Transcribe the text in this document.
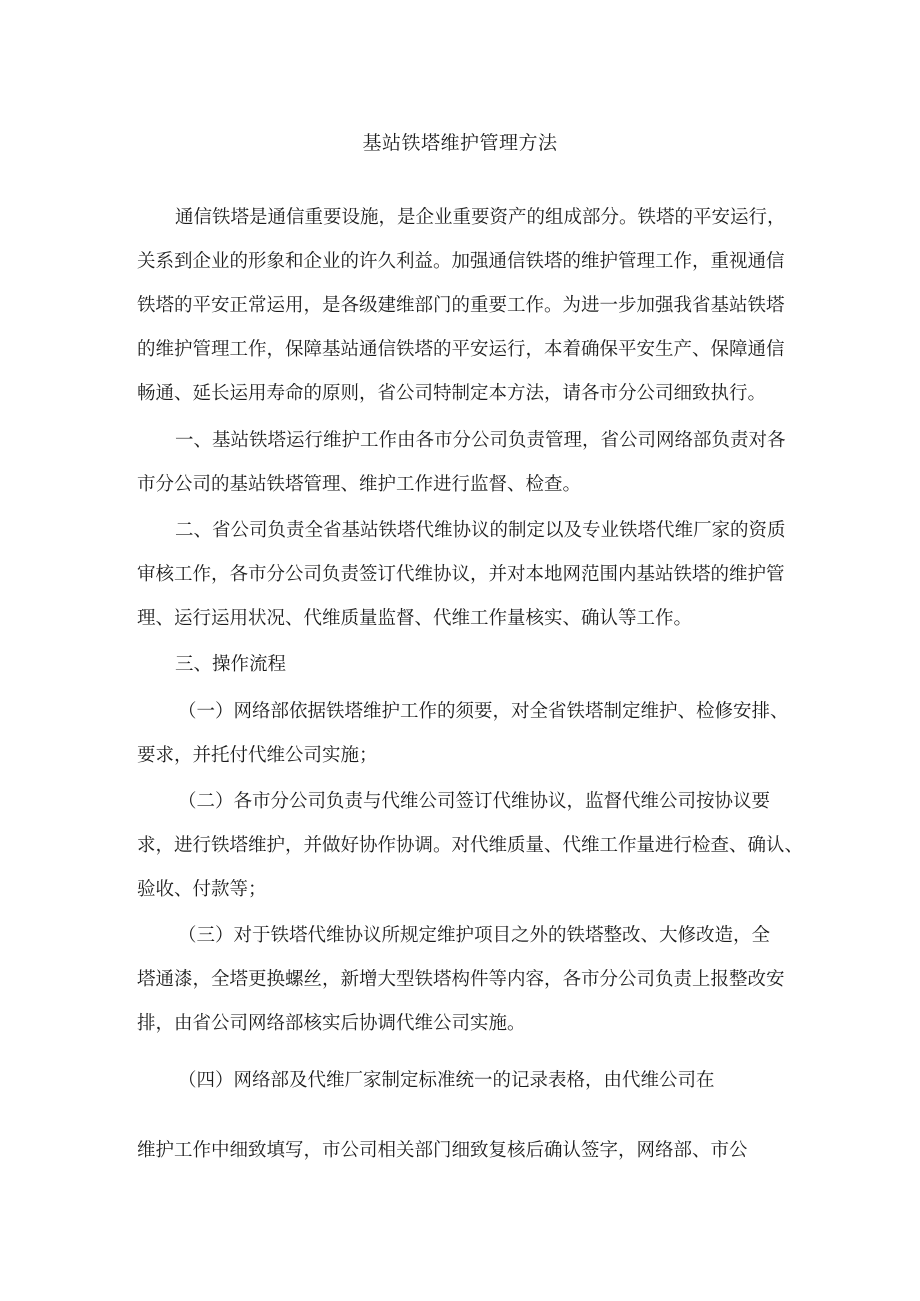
基站铁塔维护管理方法
通信铁塔是通信重要设施，是企业重要资产的组成部分。铁塔的平安运行，
关系到企业的形象和企业的许久利益。加强通信铁塔的维护管理工作，重视通信
铁塔的平安正常运用，是各级建维部门的重要工作。为进一步加强我省基站铁塔
的维护管理工作，保障基站通信铁塔的平安运行，本着确保平安生产、保障通信
畅通、延长运用寿命的原则，省公司特制定本方法，请各市分公司细致执行。
一、基站铁塔运行维护工作由各市分公司负责管理，省公司网络部负责对各
市分公司的基站铁塔管理、维护工作进行监督、检查。
二、省公司负责全省基站铁塔代维协议的制定以及专业铁塔代维厂家的资质
审核工作，各市分公司负责签订代维协议，并对本地网范围内基站铁塔的维护管
理、运行运用状况、代维质量监督、代维工作量核实、确认等工作。
三、操作流程
（一）网络部依据铁塔维护工作的须要，对全省铁塔制定维护、检修安排、
要求，并托付代维公司实施；
（二）各市分公司负责与代维公司签订代维协议，监督代维公司按协议要
求，进行铁塔维护，并做好协作协调。对代维质量、代维工作量进行检查、确认、
验收、付款等；
（三）对于铁塔代维协议所规定维护项目之外的铁塔整改、大修改造，全
塔通漆，全塔更换螺丝，新增大型铁塔构件等内容，各市分公司负责上报整改安
排，由省公司网络部核实后协调代维公司实施。
（四）网络部及代维厂家制定标准统一的记录表格，由代维公司在
维护工作中细致填写，市公司相关部门细致复核后确认签字，网络部、市公
